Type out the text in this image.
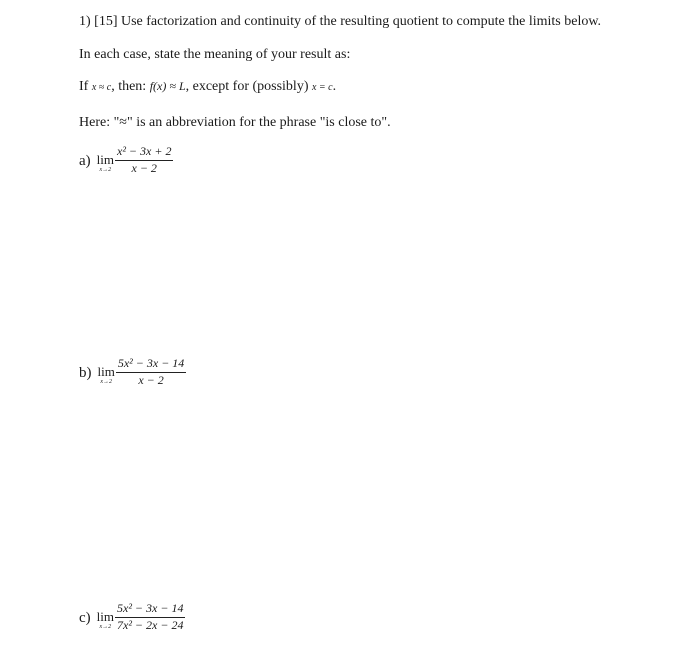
1) [15] Use factorization and continuity of the resulting quotient to compute the limits below.
In each case, state the meaning of your result as:
If x ≈ c, then: f(x) ≈ L, except for (possibly) x = c.
Here: "≈" is an abbreviation for the phrase "is close to".
a) lim
$x\to 2 \frac{\text{x² − 3x + 2}}{x - 2}$
b) lim
$x\to 2 \frac{\text{5x² − 3x − 14}}{x - 2}$
c) lim
$x\to 2 \frac{\text{5x² − 3x − 14}}{\text{7x² − 2x − 24}}$
